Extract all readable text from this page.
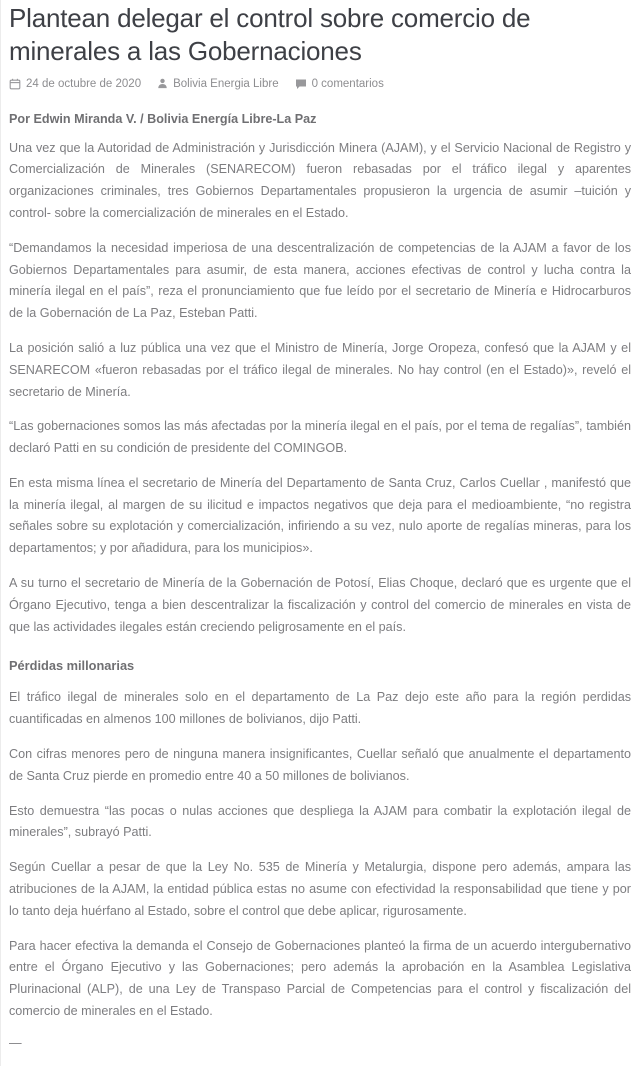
Plantean delegar el control sobre comercio de minerales a las Gobernaciones
24 de octubre de 2020	Bolivia Energia Libre	0 comentarios

Por Edwin Miranda V. / Bolivia Energía Libre-La Paz

Una vez que la Autoridad de Administración y Jurisdicción Minera (AJAM), y el Servicio Nacional de Registro y Comercialización de Minerales (SENARECOM) fueron rebasadas por el tráfico ilegal y aparentes organizaciones criminales, tres Gobiernos Departamentales propusieron la urgencia de asumir –tuición y control- sobre la comercialización de minerales en el Estado.

“Demandamos la necesidad imperiosa de una descentralización de competencias de la AJAM a favor de los Gobiernos Departamentales para asumir, de esta manera, acciones efectivas de control y lucha contra la minería ilegal en el país”, reza el pronunciamiento que fue leído por el secretario de Minería e Hidrocarburos de la Gobernación de La Paz, Esteban Patti.

La posición salió a luz pública una vez que el Ministro de Minería, Jorge Oropeza, confesó que la AJAM y el SENARECOM «fueron rebasadas por el tráfico ilegal de minerales. No hay control (en el Estado)», reveló el secretario de Minería.

“Las gobernaciones somos las más afectadas por la minería ilegal en el país, por el tema de regalías”, también declaró Patti en su condición de presidente del COMINGOB.

En esta misma línea el secretario de Minería del Departamento de Santa Cruz, Carlos Cuellar , manifestó que la minería ilegal, al margen de su ilicitud e impactos negativos que deja para el medioambiente, “no registra señales sobre su explotación y comercialización, infiriendo a su vez, nulo aporte de regalías mineras, para los departamentos; y por añadidura, para los municipios».

A su turno el secretario de Minería de la Gobernación de Potosí, Elias Choque, declaró que es urgente que el Órgano Ejecutivo, tenga a bien descentralizar la fiscalización y control del comercio de minerales en vista de que las actividades ilegales están creciendo peligrosamente en el país.

Pérdidas millonarias

El tráfico ilegal de minerales solo en el departamento de La Paz dejo este año para la región perdidas cuantificadas en almenos 100 millones de bolivianos, dijo Patti.

Con cifras menores pero de ninguna manera insignificantes, Cuellar señaló que anualmente el departamento de Santa Cruz pierde en promedio entre 40 a 50 millones de bolivianos.

Esto demuestra “las pocas o nulas acciones que despliega la AJAM para combatir la explotación ilegal de minerales”, subrayó Patti.

Según Cuellar a pesar de que la Ley No. 535 de Minería y Metalurgia, dispone pero además, ampara las atribuciones de la AJAM, la entidad pública estas no asume con efectividad la responsabilidad que tiene y por lo tanto deja huérfano al Estado, sobre el control que debe aplicar, rigurosamente.

Para hacer efectiva la demanda el Consejo de Gobernaciones planteó la firma de un acuerdo intergubernativo entre el Órgano Ejecutivo y las Gobernaciones; pero además la aprobación en la Asamblea Legislativa Plurinacional (ALP), de una Ley de Transpaso Parcial de Competencias para el control y fiscalización del comercio de minerales en el Estado.

—
